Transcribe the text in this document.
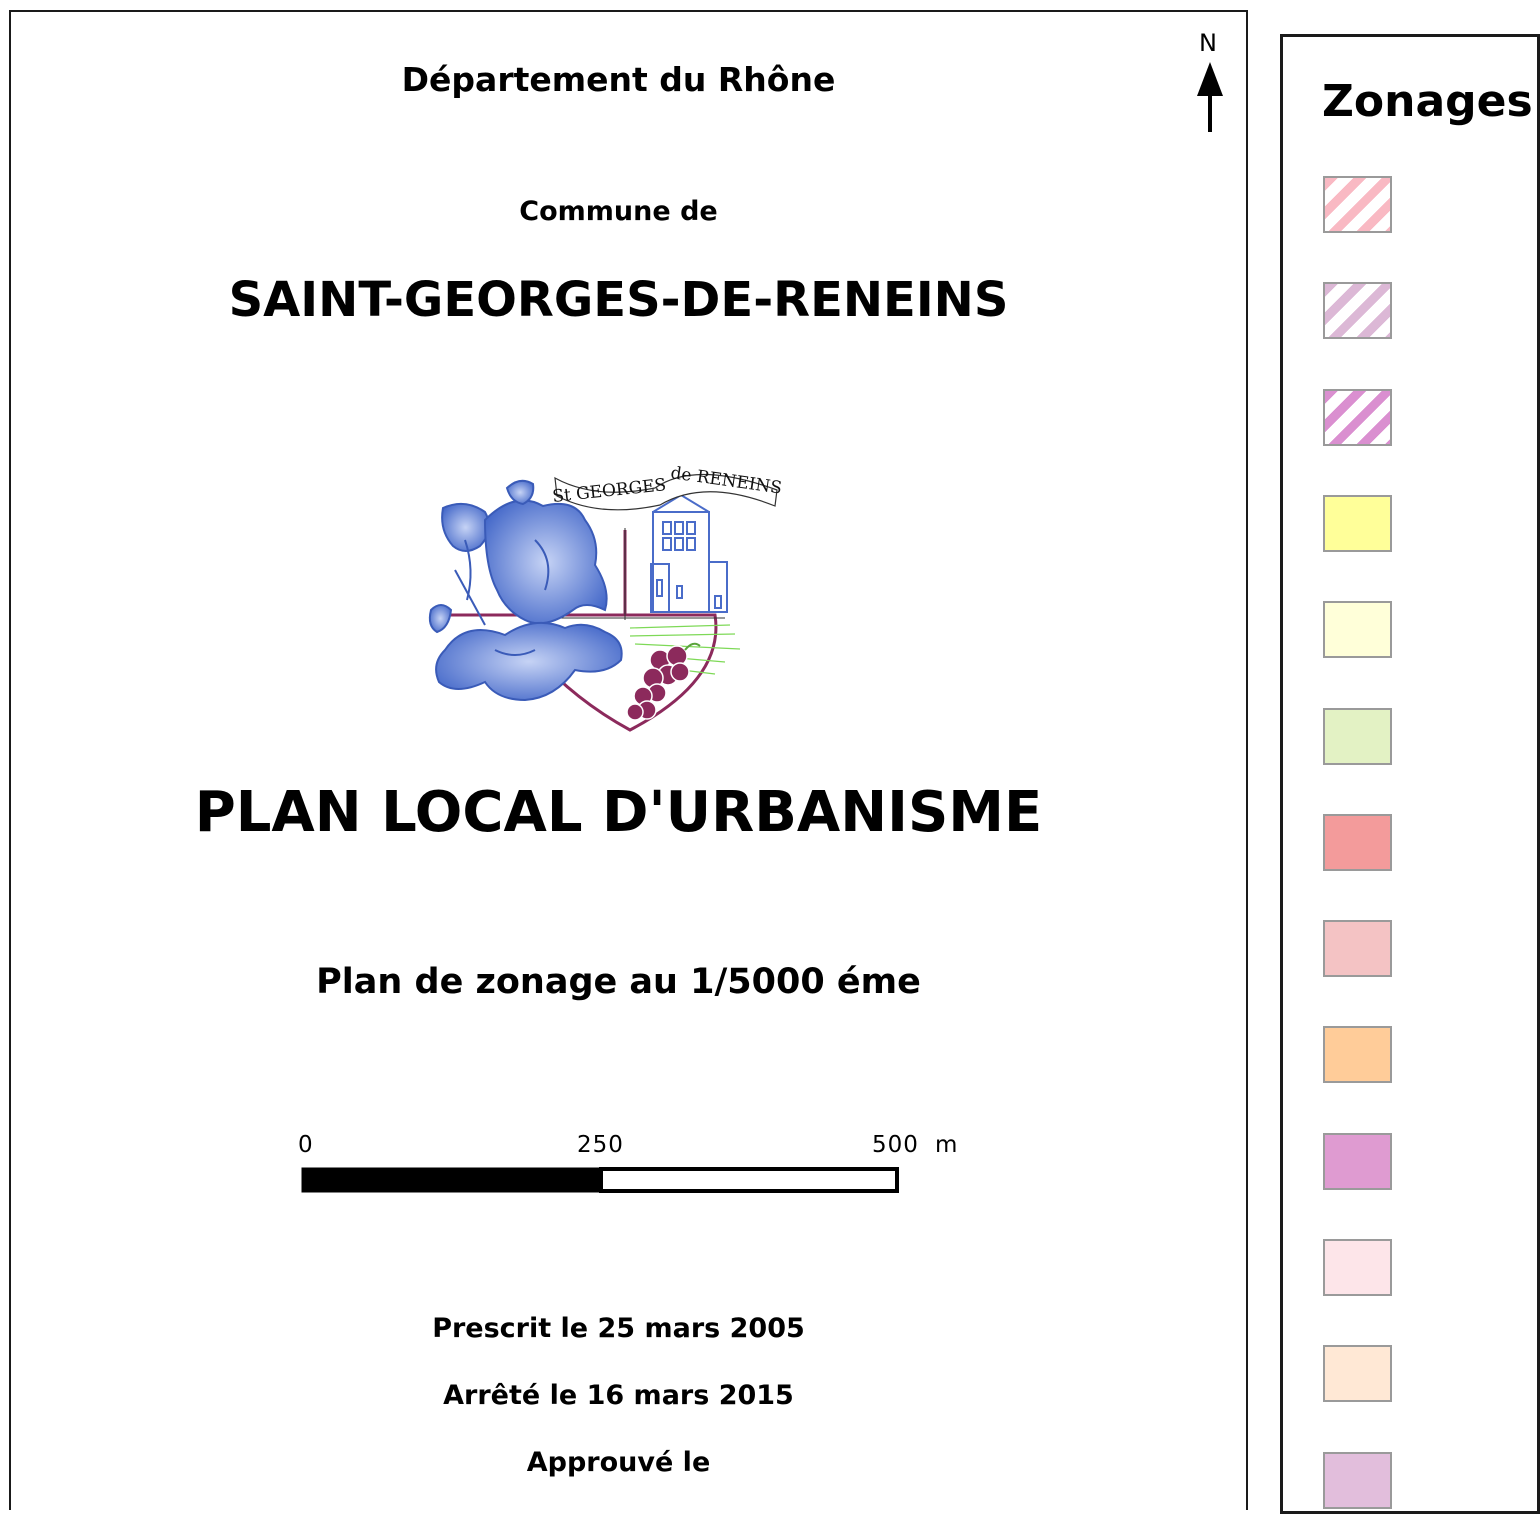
Département du Rhône
Commune de
SAINT-GEORGES-DE-RENEINS
St GEORGES de RENEINS
PLAN LOCAL D'URBANISME
Plan de zonage au 1/5000 éme
0	250	500 m
Prescrit le 25 mars 2005
Arrêté le 16 mars 2015
Approuvé le
N
Zonages
